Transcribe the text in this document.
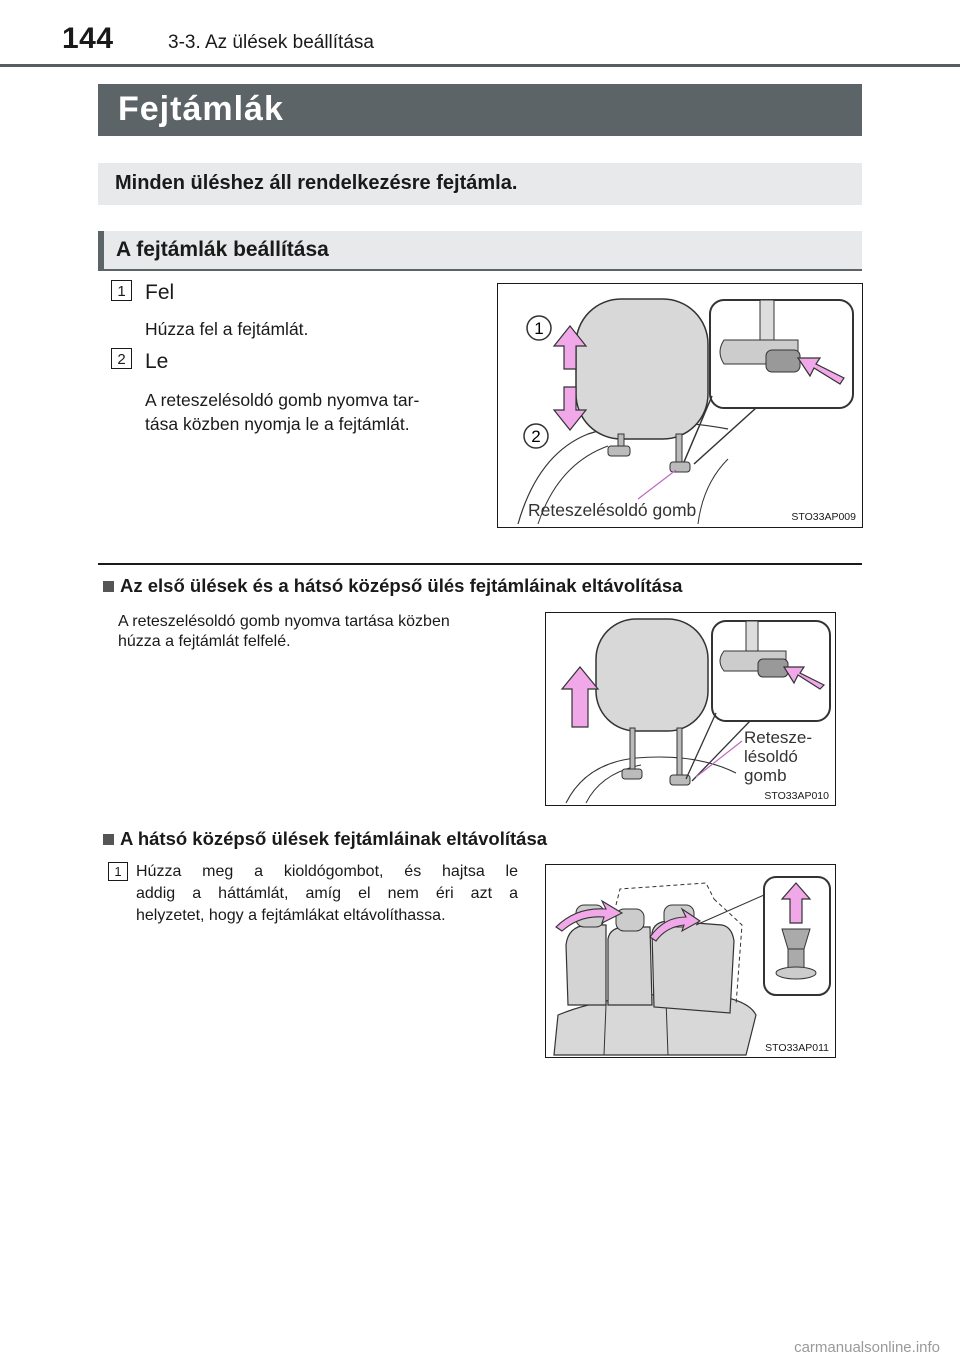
144	3-3. Az ülések beállítása
Fejtámlák
Minden üléshez áll rendelkezésre fejtámla.
A fejtámlák beállítása
1 Fel
Húzza fel a fejtámlát.
2 Le
A reteszelésoldó gomb nyomva tar-
tása közben nyomja le a fejtámlát.
1
2
Reteszelésoldó gomb	STO33AP009
Az első ülések és a hátsó középső ülés fejtámláinak eltávolítása
A reteszelésoldó gomb nyomva tartása közben
húzza a fejtámlát felfelé.
Retesze-
lésoldó
gomb
STO33AP010
A hátsó középső ülések fejtámláinak eltávolítása
1 Húzza meg a kioldógombot, és hajtsa le
addig a háttámlát, amíg el nem éri azt a
helyzetet, hogy a fejtámlákat eltávolíthassa.
STO33AP011
carmanualsonline.info
